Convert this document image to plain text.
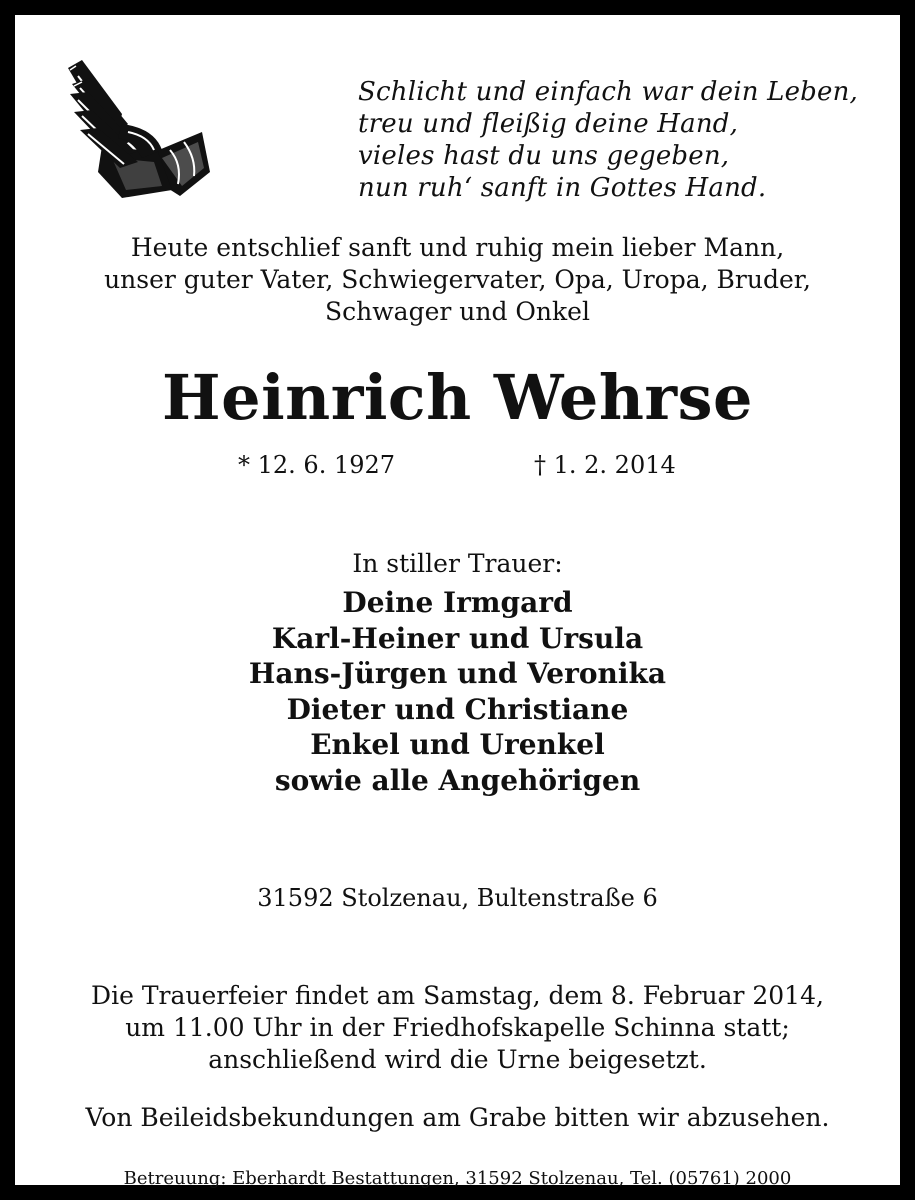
Schlicht und einfach war dein Leben,
treu und fleißig deine Hand,
vieles hast du uns gegeben,
nun ruh‘ sanft in Gottes Hand.
Heute entschlief sanft und ruhig mein lieber Mann,
unser guter Vater, Schwiegervater, Opa, Uropa, Bruder,
Schwager und Onkel
Heinrich Wehrse
* 12. 6. 1927	† 1. 2. 2014
In stiller Trauer:
Deine Irmgard
Karl-Heiner und Ursula
Hans-Jürgen und Veronika
Dieter und Christiane
Enkel und Urenkel
sowie alle Angehörigen
31592 Stolzenau, Bultenstraße 6
Die Trauerfeier findet am Samstag, dem 8. Februar 2014,
um 11.00 Uhr in der Friedhofskapelle Schinna statt;
anschließend wird die Urne beigesetzt.
Von Beileidsbekundungen am Grabe bitten wir abzusehen.
Betreuung: Eberhardt Bestattungen, 31592 Stolzenau, Tel. (05761) 2000
